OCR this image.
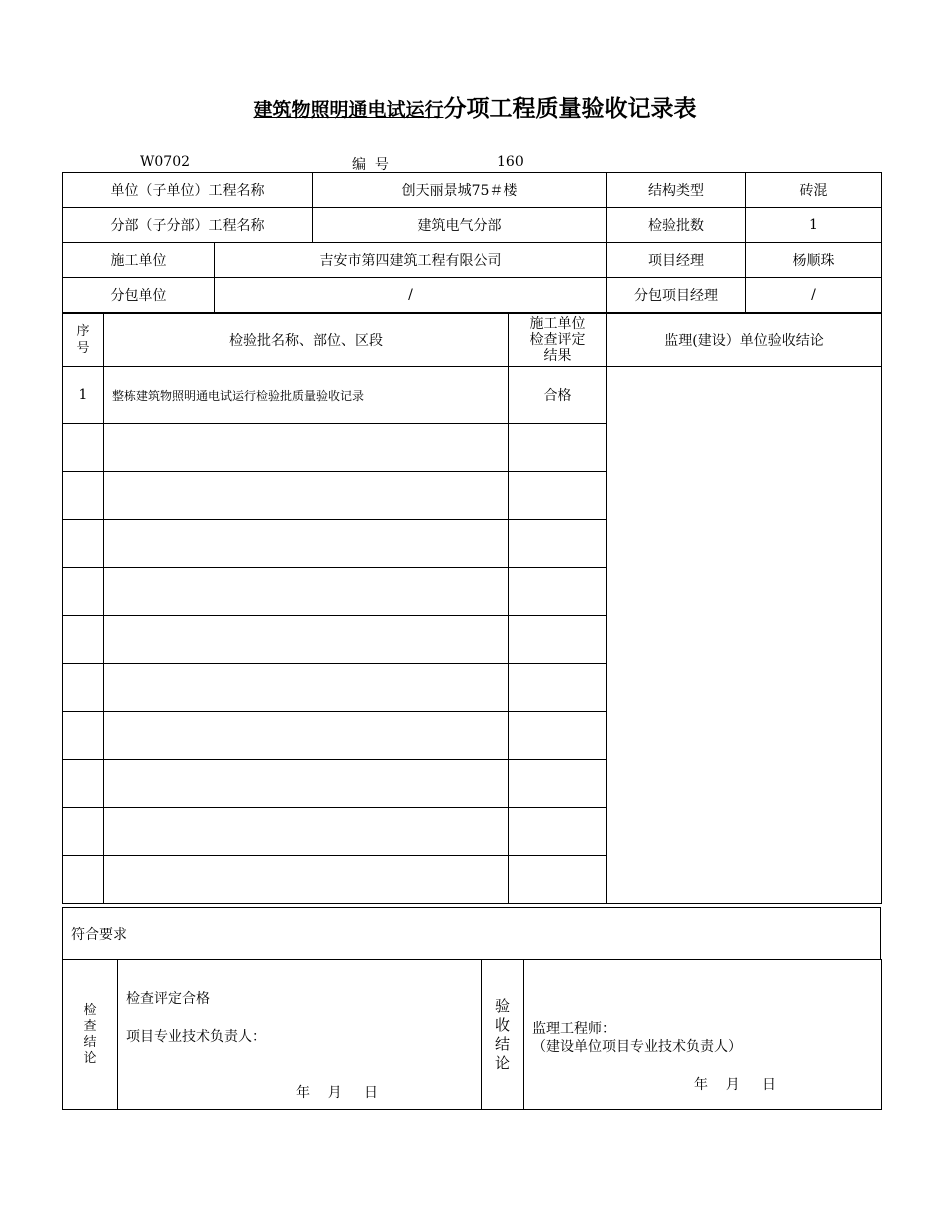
建筑物照明通电试运行分项工程质量验收记录表
W0702	编  号	160
单位（子单位）工程名称		创天丽景城75＃楼	结构类型	砖混
分部（子分部）工程名称		建筑电气分部	检验批数	1
施工单位	吉安市第四建筑工程有限公司		项目经理	杨顺珠
分包单位	/		分包项目经理	/
序号	检验批名称、部位、区段	施工单位检查评定结果	监理(建设）单位验收结论
1	整栋建筑物照明通电试运行检验批质量验收记录	合格	

符合要求
检查结论

检查评定合格
项目专业技术负责人：
年    月     日

验收结论

监理工程师：
（建设单位项目专业技术负责人）
年    月     日
